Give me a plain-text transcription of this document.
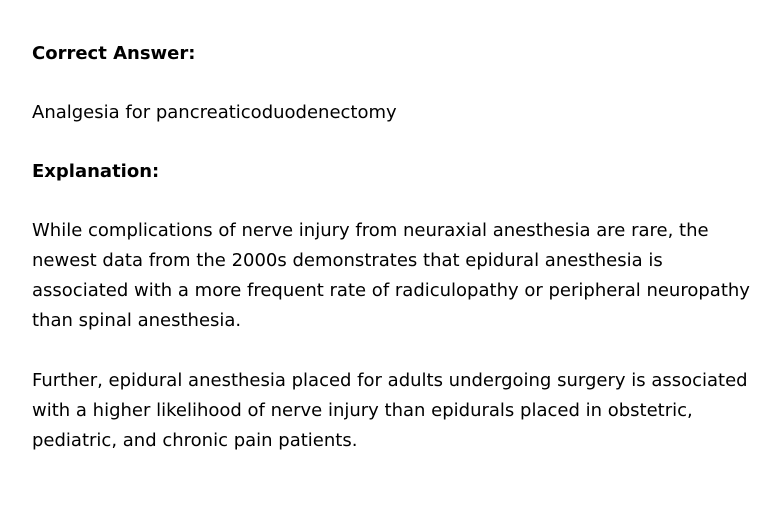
Correct Answer:

Analgesia for pancreaticoduodenectomy

Explanation:

While complications of nerve injury from neuraxial anesthesia are rare, the newest data from the 2000s demonstrates that epidural anesthesia is associated with a more frequent rate of radiculopathy or peripheral neuropathy than spinal anesthesia.

Further, epidural anesthesia placed for adults undergoing surgery is associated with a higher likelihood of nerve injury than epidurals placed in obstetric, pediatric, and chronic pain patients.
